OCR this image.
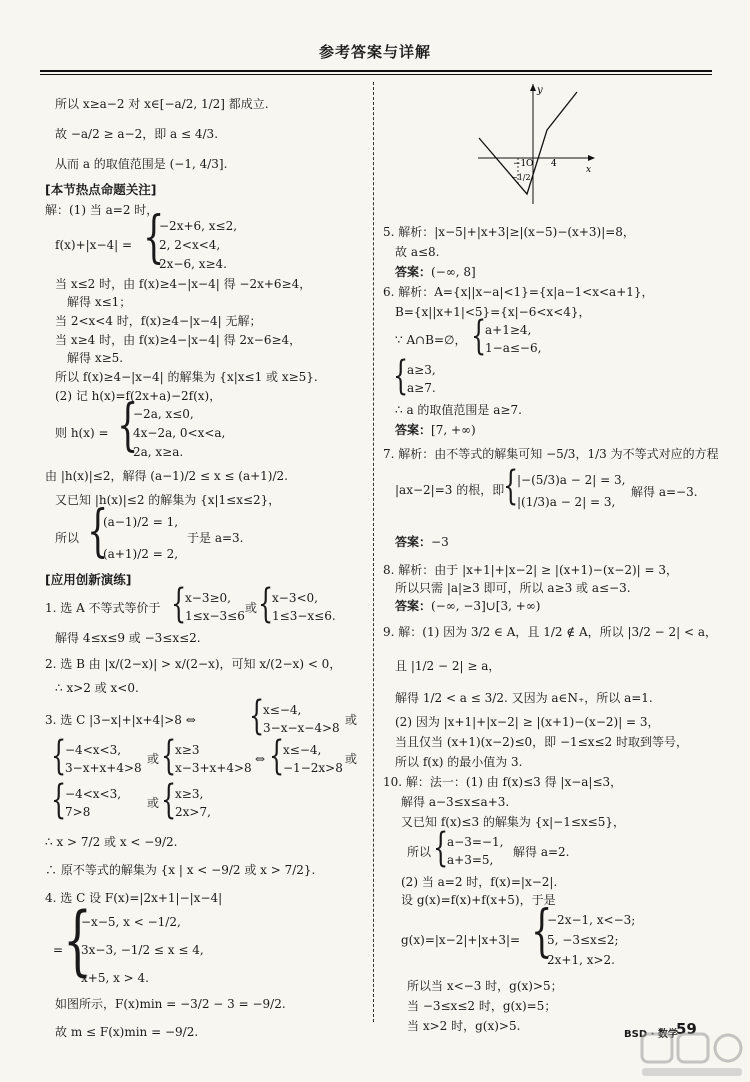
参考答案与详解
所以 x≥a−2 对 x∈[−a/2, 1/2] 都成立.
故 −a/2 ≥ a−2，即 a ≤ 4/3.
从而 a 的取值范围是 (−1, 4/3].
[本节热点命题关注]
解：(1) 当 a=2 时，
f(x)+|x−4| = {
−2x+6, x≤2,
2, 2<x<4,
2x−6, x≥4.
当 x≤2 时，由 f(x)≥4−|x−4| 得 −2x+6≥4，
解得 x≤1；
当 2<x<4 时，f(x)≥4−|x−4| 无解；
当 x≥4 时，由 f(x)≥4−|x−4| 得 2x−6≥4，
解得 x≥5.
所以 f(x)≥4−|x−4| 的解集为 {x|x≤1 或 x≥5}.
(2) 记 h(x)=f(2x+a)−2f(x)，
则 h(x) = {
−2a, x≤0,
4x−2a, 0<x<a,
2a, x≥a.
由 |h(x)|≤2，解得 (a−1)/2 ≤ x ≤ (a+1)/2.
又已知 |h(x)|≤2 的解集为 {x|1≤x≤2}，
所以 {
(a−1)/2 = 1,
(a+1)/2 = 2,
于是 a=3.
[应用创新演练]
1. 选 A 不等式等价于 {
x−3≥0,
1≤x−3≤6
或 {
x−3<0,
1≤3−x≤6.
解得 4≤x≤9 或 −3≤x≤2.
2. 选 B 由 |x/(2−x)| > x/(2−x)，可知 x/(2−x) < 0，
∴ x>2 或 x<0.
3. 选 C |3−x|+|x+4|>8 ⇔ {
x≤−4,
3−x−x−4>8
或
{
−4<x<3,
3−x+x+4>8
或 {
x≥3
x−3+x+4>8
⇔ {
x≤−4,
−1−2x>8
或
{
−4<x<3,
7>8
或 {
x≥3,
2x>7,
∴ x > 7/2 或 x < −9/2.
∴ 原不等式的解集为 {x | x < −9/2 或 x > 7/2}.
4. 选 C 设 F(x)=|2x+1|−|x−4|
= {
−x−5, x < −1/2,
3x−3, −1/2 ≤ x ≤ 4,
x+5, x > 4.
如图所示，F(x)min = −3/2 − 3 = −9/2.
故 m ≤ F(x)min = −9/2.
y
x
−1 O 4
−1/2
5. 解析：|x−5|+|x+3|≥|(x−5)−(x+3)|=8，
故 a≤8.
答案：(−∞, 8]
6. 解析：A={x||x−a|<1}={x|a−1<x<a+1}，
B={x||x+1|<5}={x|−6<x<4}，
∵ A∩B=∅， {
a+1≥4,
1−a≤−6,
{
a≥3,
a≥7.
∴ a 的取值范围是 a≥7.
答案：[7, +∞)
7. 解析：由不等式的解集可知 −5/3，1/3 为不等式对应的方程
|ax−2|=3 的根，即
{
|−(5/3)a − 2| = 3,
|(1/3)a − 2| = 3,
解得 a=−3.
答案：−3
8. 解析：由于 |x+1|+|x−2| ≥ |(x+1)−(x−2)| = 3，
所以只需 |a|≥3 即可，所以 a≥3 或 a≤−3.
答案：(−∞, −3]∪[3, +∞)
9. 解：(1) 因为 3/2 ∈ A，且 1/2 ∉ A，所以 |3/2 − 2| < a，
且 |1/2 − 2| ≥ a，
解得 1/2 < a ≤ 3/2. 又因为 a∈N₊，所以 a=1.
(2) 因为 |x+1|+|x−2| ≥ |(x+1)−(x−2)| = 3，
当且仅当 (x+1)(x−2)≤0，即 −1≤x≤2 时取到等号，
所以 f(x) 的最小值为 3.
10. 解：法一：(1) 由 f(x)≤3 得 |x−a|≤3，
解得 a−3≤x≤a+3.
又已知 f(x)≤3 的解集为 {x|−1≤x≤5}，
所以 {
a−3=−1,
a+3=5,
解得 a=2.
(2) 当 a=2 时，f(x)=|x−2|.
设 g(x)=f(x)+f(x+5)，于是
g(x)=|x−2|+|x+3|= {
−2x−1, x<−3;
5, −3≤x≤2;
2x+1, x>2.
所以当 x<−3 时，g(x)>5；
当 −3≤x≤2 时，g(x)=5；
当 x>2 时，g(x)>5.
BSD · 数学
59
